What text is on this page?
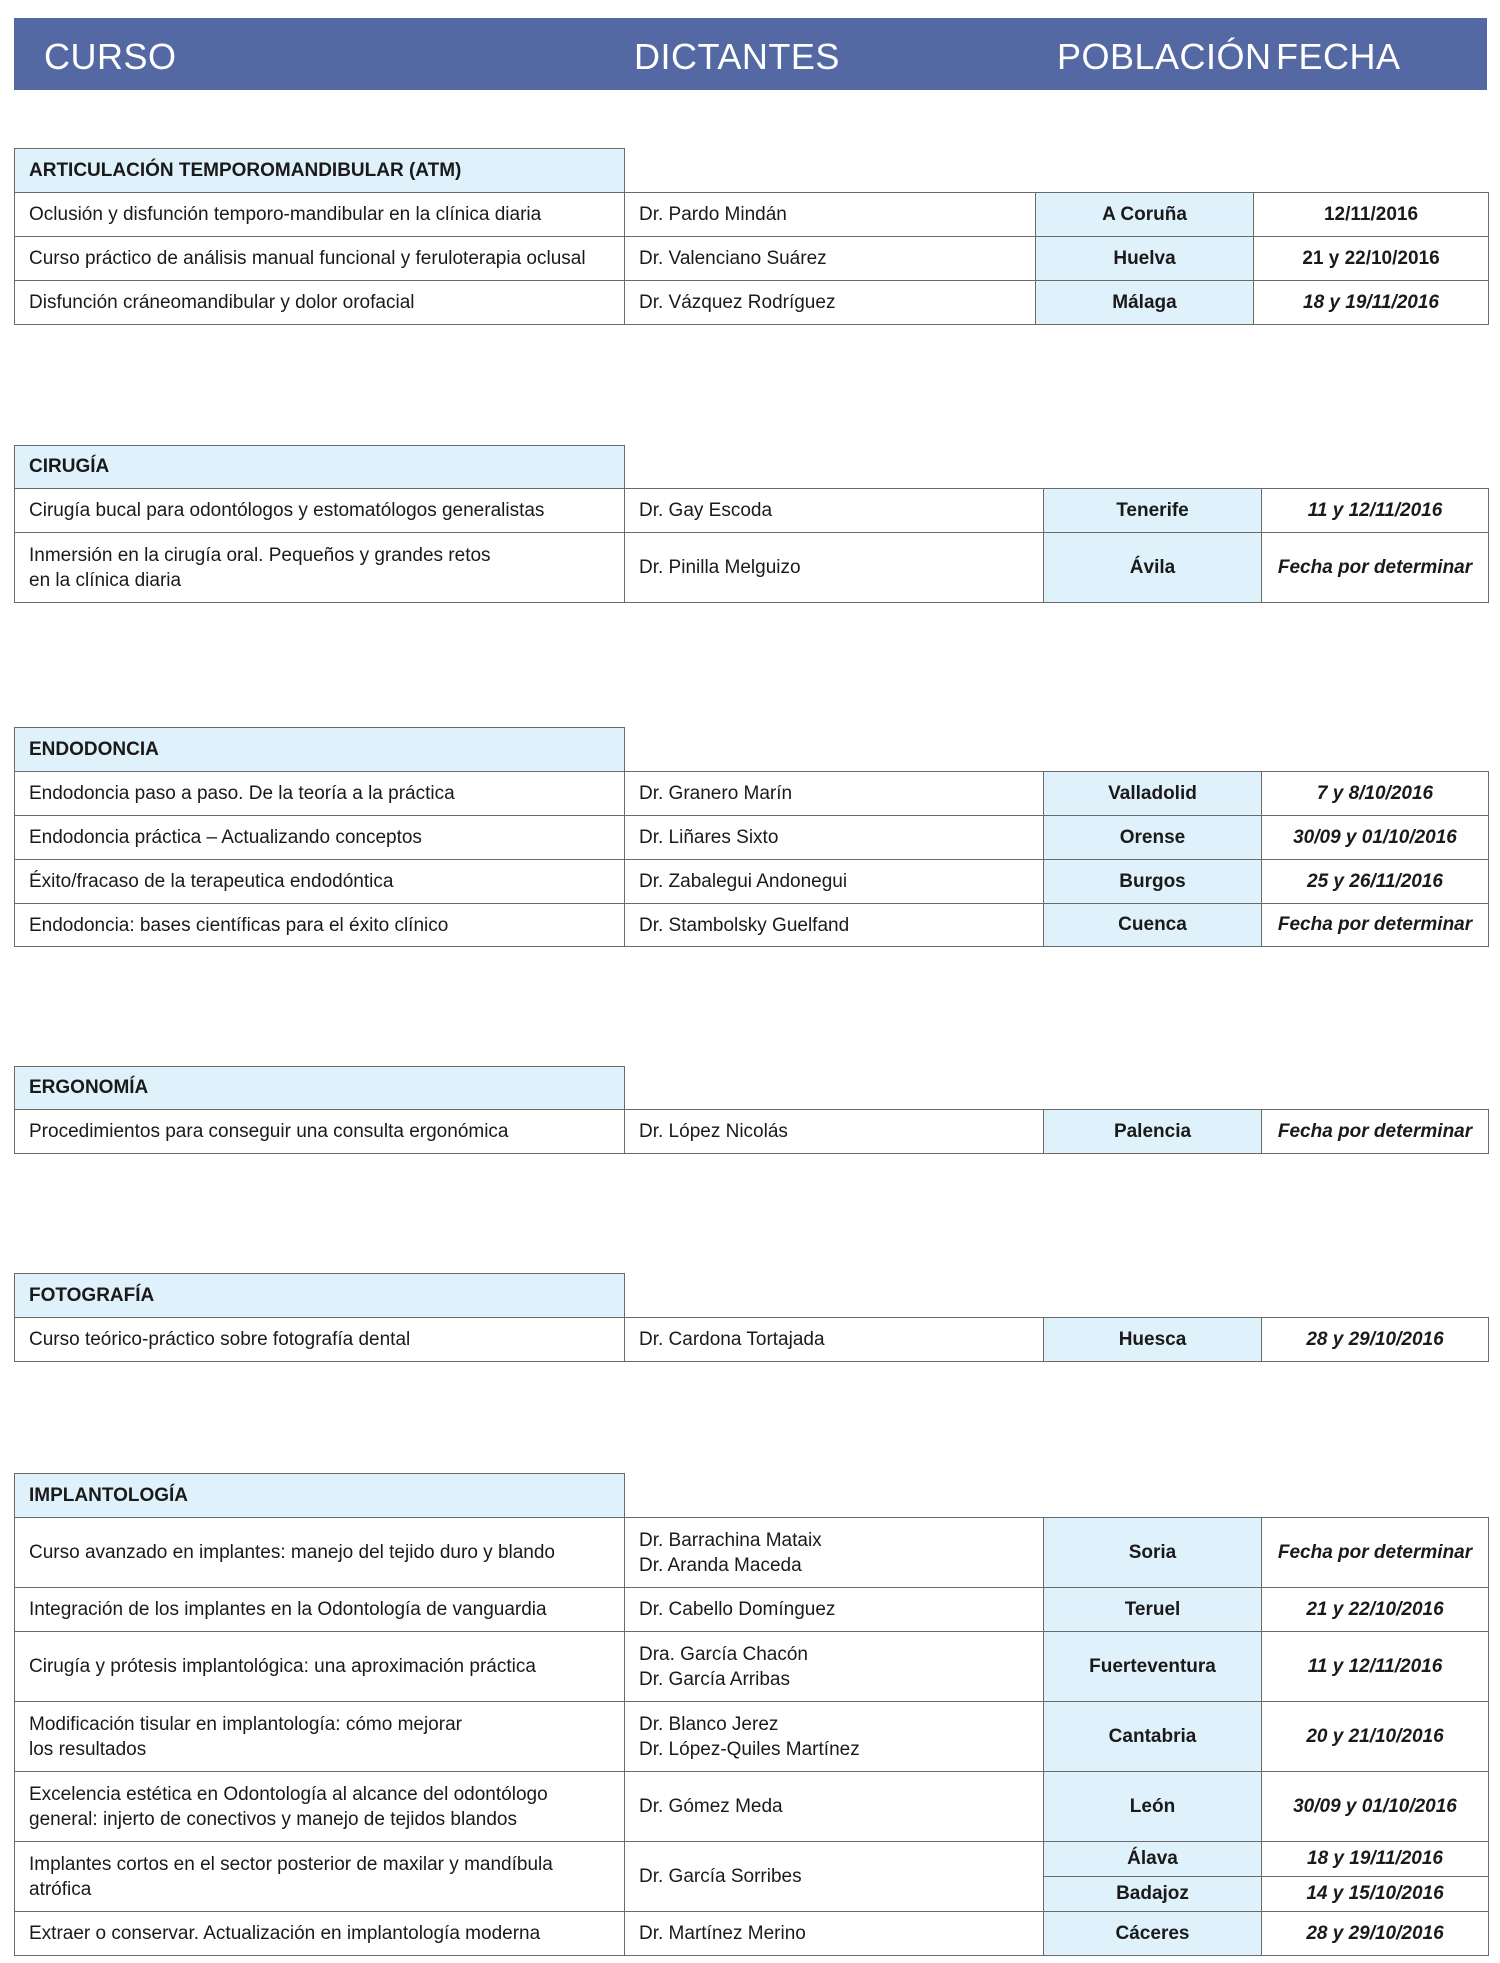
CURSO	DICTANTES	POBLACIÓN FECHA
ARTICULACIÓN TEMPOROMANDIBULAR (ATM)			

Oclusión y disfunción temporo-mandibular en la clínica diaria	Dr. Pardo Mindán	A Coruña	12/11/2016

Curso práctico de análisis manual funcional y feruloterapia oclusal	Dr. Valenciano Suárez	Huelva	21 y 22/10/2016

Disfunción cráneomandibular y dolor orofacial	Dr. Vázquez Rodríguez	Málaga	18 y 19/11/2016
CIRUGÍA			

Cirugía bucal para odontólogos y estomatólogos generalistas	Dr. Gay Escoda	Tenerife	11 y 12/11/2016

Inmersión en la cirugía oral. Pequeños y grandes retos
en la clínica diaria	Dr. Pinilla Melguizo	Ávila	Fecha por determinar
ENDODONCIA			

Endodoncia paso a paso. De la teoría a la práctica	Dr. Granero Marín	Valladolid	7 y 8/10/2016

Endodoncia práctica – Actualizando conceptos	Dr. Liñares Sixto	Orense	30/09 y 01/10/2016

Éxito/fracaso de la terapeutica endodóntica	Dr. Zabalegui Andonegui	Burgos	25 y 26/11/2016

Endodoncia: bases científicas para el éxito clínico	Dr. Stambolsky Guelfand	Cuenca	Fecha por determinar
ERGONOMÍA			

Procedimientos para conseguir una consulta ergonómica	Dr. López Nicolás	Palencia	Fecha por determinar
FOTOGRAFÍA			

Curso teórico-práctico sobre fotografía dental	Dr. Cardona Tortajada	Huesca	28 y 29/10/2016
IMPLANTOLOGÍA			

Curso avanzado en implantes: manejo del tejido duro y blando	Dr. Barrachina Mataix
Dr. Aranda Maceda	Soria	Fecha por determinar

Integración de los implantes en la Odontología de vanguardia	Dr. Cabello Domínguez	Teruel	21 y 22/10/2016

Cirugía y prótesis implantológica: una aproximación práctica	Dra. García Chacón
Dr. García Arribas	Fuerteventura	11 y 12/11/2016

Modificación tisular en implantología: cómo mejorar
los resultados	Dr. Blanco Jerez
Dr. López-Quiles Martínez	Cantabria	20 y 21/10/2016

Excelencia estética en Odontología al alcance del odontólogo
general: injerto de conectivos y manejo de tejidos blandos	Dr. Gómez Meda	León	30/09 y 01/10/2016

Implantes cortos en el sector posterior de maxilar y mandíbula
atrófica	Dr. García Sorribes	Álava	18 y 19/11/2016
		Badajoz	14 y 15/10/2016

Extraer o conservar. Actualización en implantología moderna	Dr. Martínez Merino	Cáceres	28 y 29/10/2016
